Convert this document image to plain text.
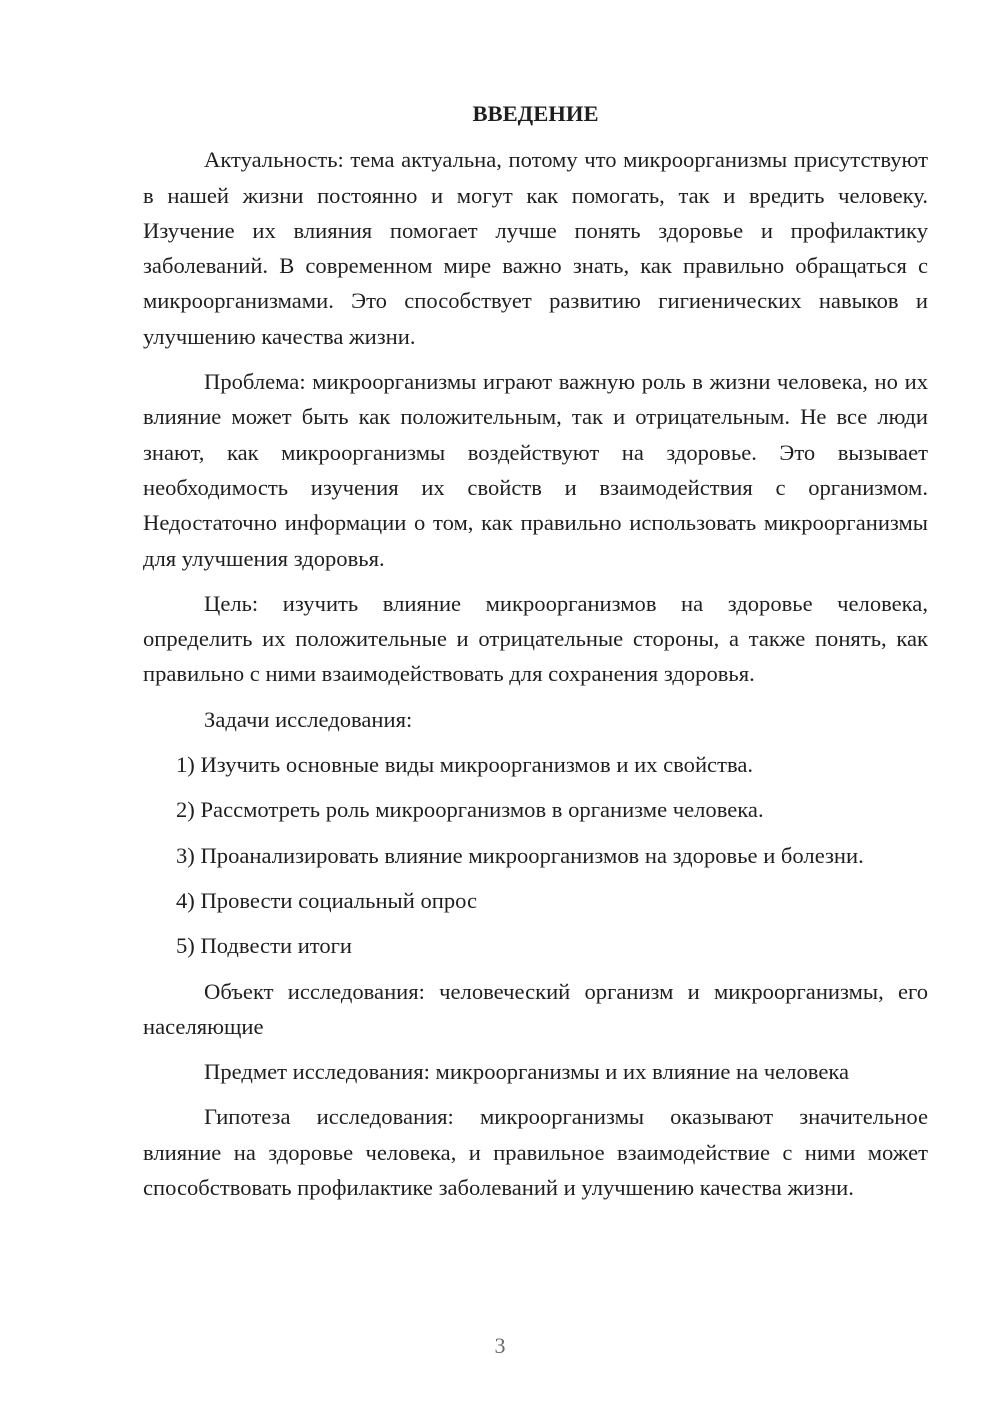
ВВЕДЕНИЕ

Актуальность: тема актуальна, потому что микроорганизмы присутствуют в нашей жизни постоянно и могут как помогать, так и вредить человеку. Изучение их влияния помогает лучше понять здоровье и профилактику заболеваний. В современном мире важно знать, как правильно обращаться с микроорганизмами. Это способствует развитию гигиенических навыков и улучшению качества жизни.

Проблема: микроорганизмы играют важную роль в жизни человека, но их влияние может быть как положительным, так и отрицательным. Не все люди знают, как микроорганизмы воздействуют на здоровье. Это вызывает необходимость изучения их свойств и взаимодействия с организмом. Недостаточно информации о том, как правильно использовать микроорганизмы для улучшения здоровья.

Цель: изучить влияние микроорганизмов на здоровье человека, определить их положительные и отрицательные стороны, а также понять, как правильно с ними взаимодействовать для сохранения здоровья.

Задачи исследования:

1) Изучить основные виды микроорганизмов и их свойства.

2) Рассмотреть роль микроорганизмов в организме человека.

3) Проанализировать влияние микроорганизмов на здоровье и болезни.

4) Провести социальный опрос

5) Подвести итоги

Объект исследования: человеческий организм и микроорганизмы, его населяющие

Предмет исследования: микроорганизмы и их влияние на человека

Гипотеза исследования: микроорганизмы оказывают значительное влияние на здоровье человека, и правильное взаимодействие с ними может способствовать профилактике заболеваний и улучшению качества жизни.

3
